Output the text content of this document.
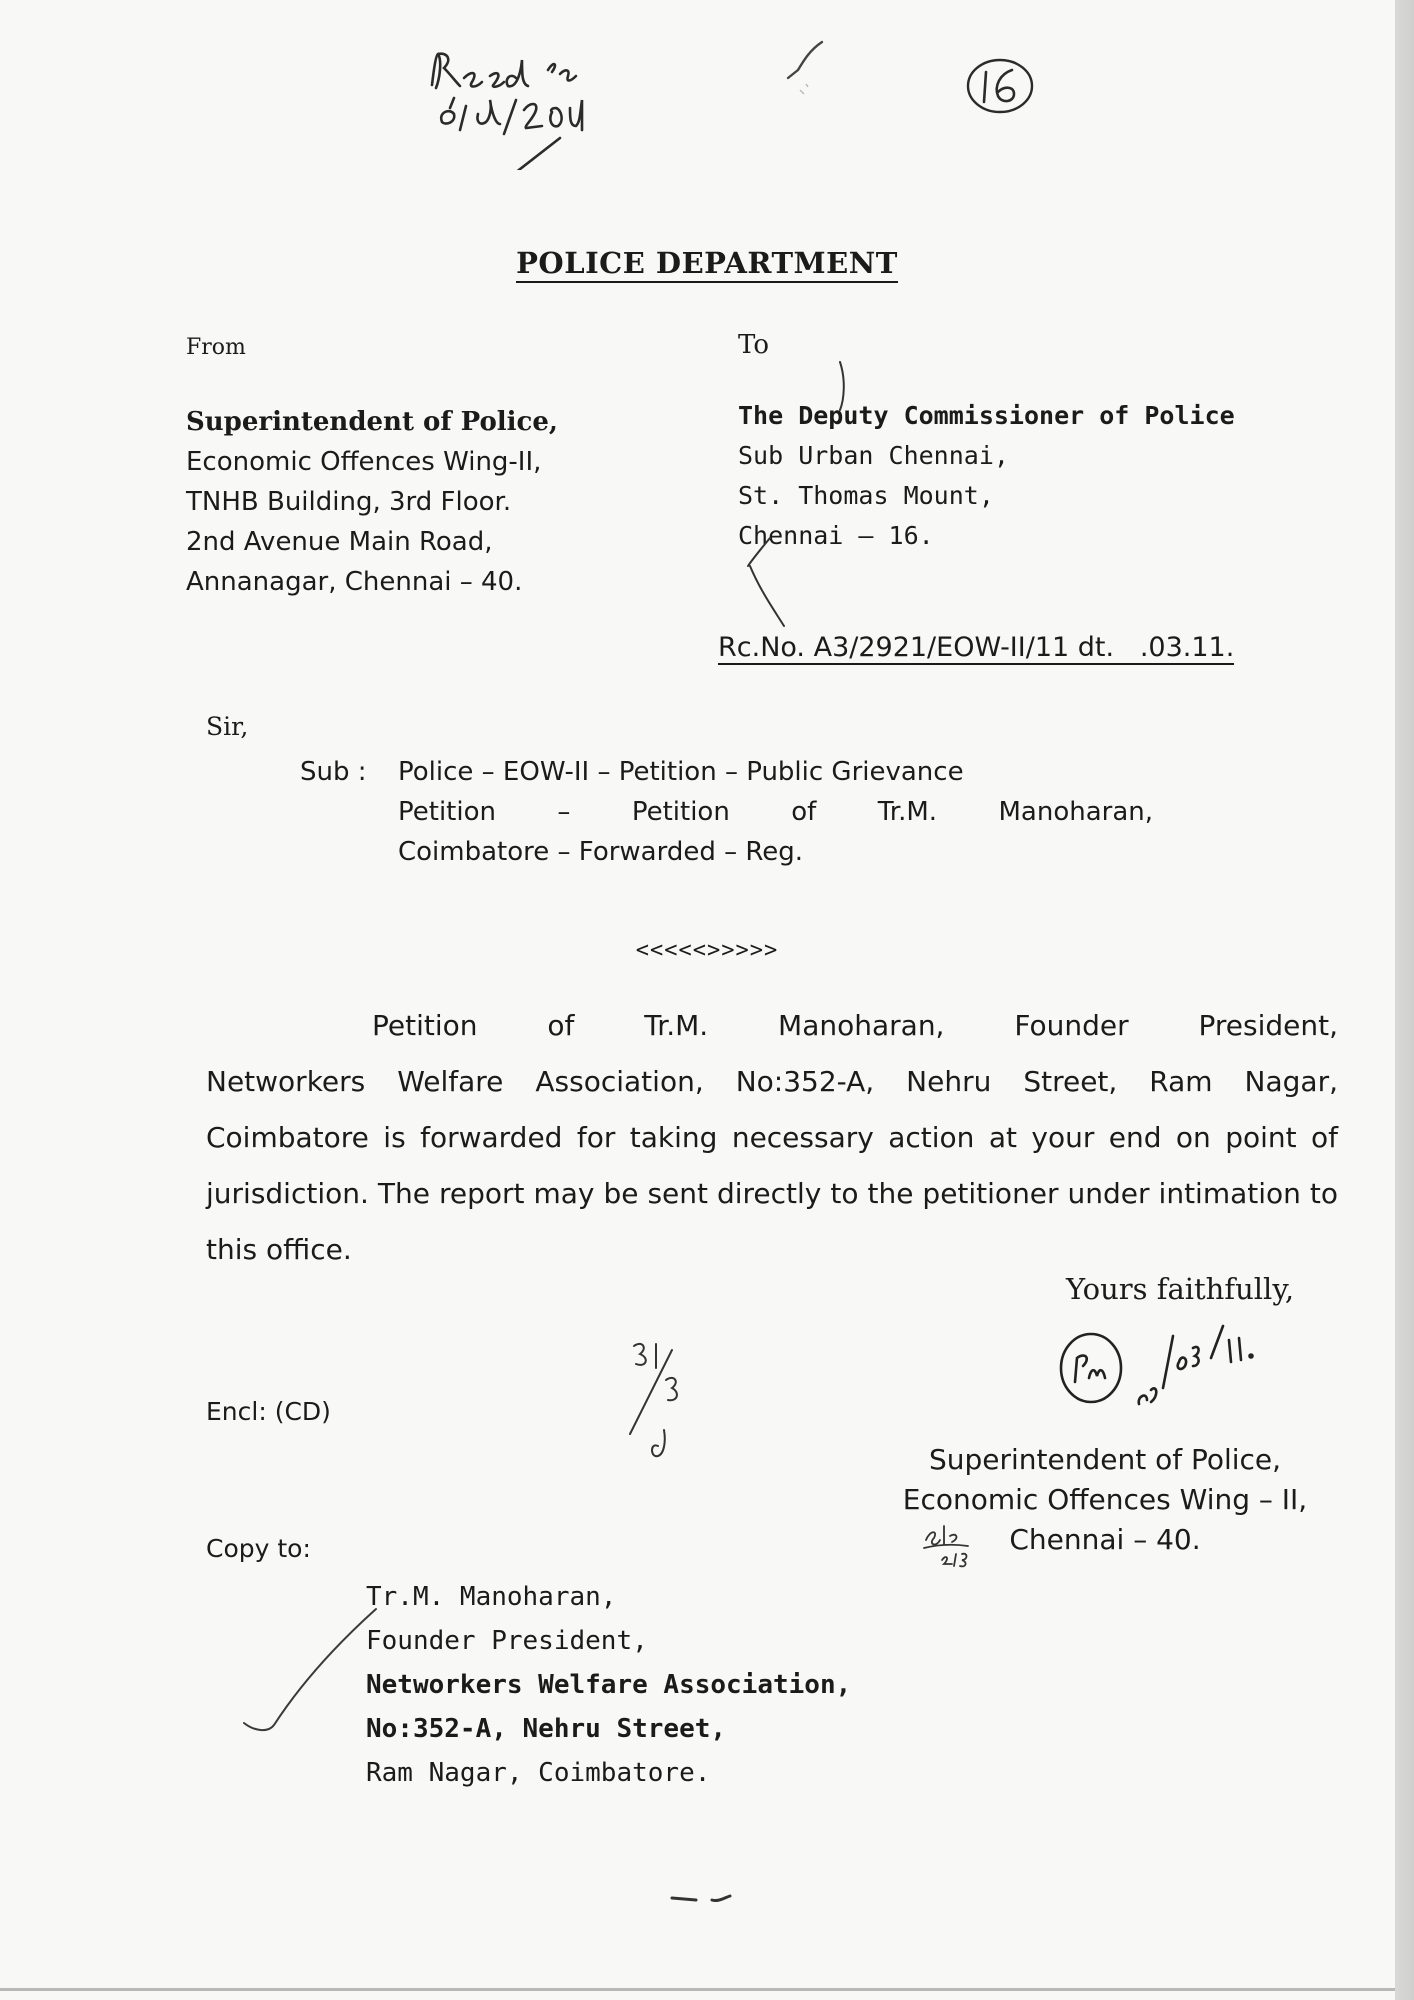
POLICE DEPARTMENT
From	To
Superintendent of Police,
Economic Offences Wing-II,
TNHB Building, 3rd Floor.
2nd Avenue Main Road,
Annanagar, Chennai – 40.
The Deputy Commissioner of Police
Sub Urban Chennai,
St. Thomas Mount,
Chennai – 16.
Rc.No. A3/2921/EOW-II/11 dt.   .03.11.
Sir,
Sub :	Police – EOW-II – Petition – Public Grievance
Petition – Petition of Tr.M. Manoharan,
Coimbatore – Forwarded – Reg.
<<<<<>>>>>
Petition of Tr.M. Manoharan, Founder President,
Networkers Welfare Association, No:352-A, Nehru Street, Ram Nagar, Coimbatore is forwarded for taking necessary action at your end on point of jurisdiction. The report may be sent directly to the petitioner under intimation to this office.
Yours faithfully,
Encl: (CD)
Superintendent of Police,
Economic Offences Wing – II,
Chennai – 40.
Copy to:
Tr.M. Manoharan,
Founder President,
Networkers Welfare Association,
No:352-A, Nehru Street,
Ram Nagar, Coimbatore.
